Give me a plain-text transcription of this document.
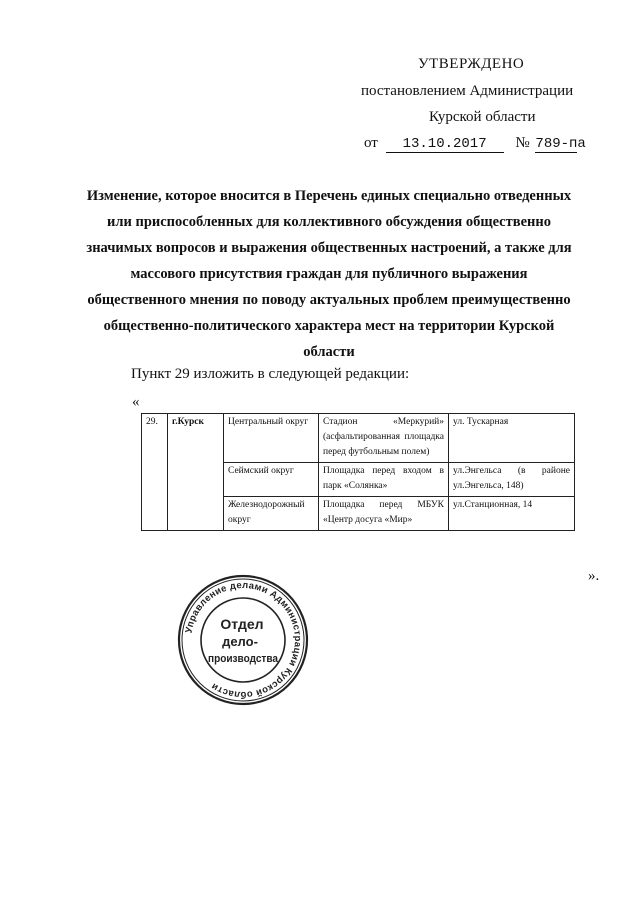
УТВЕРЖДЕНО
постановлением Администрации
Курской области
от 13.10.2017 № 789-па
Изменение, которое вносится в Перечень единых специально отведенных или приспособленных для коллективного обсуждения общественно значимых вопросов и выражения общественных настроений, а также для массового присутствия граждан для публичного выражения общественного мнения по поводу актуальных проблем преимущественно общественно-политического характера мест на территории Курской области
Пункт 29 изложить в следующей редакции:
«
29.	г.Курск	Центральный округ	Стадион «Меркурий» (асфальтированная площадка перед футбольным полем)	ул. Тускарная
		Сеймский округ	Площадка перед входом в парк «Солянка»	ул.Энгельса (в районе ул.Энгельса, 148)
		Железнодорожный округ	Площадка перед МБУК «Центр досуга «Мир»	ул.Станционная, 14
».
Управление делами Администрации Курской области
Отдел
дело-
производства
